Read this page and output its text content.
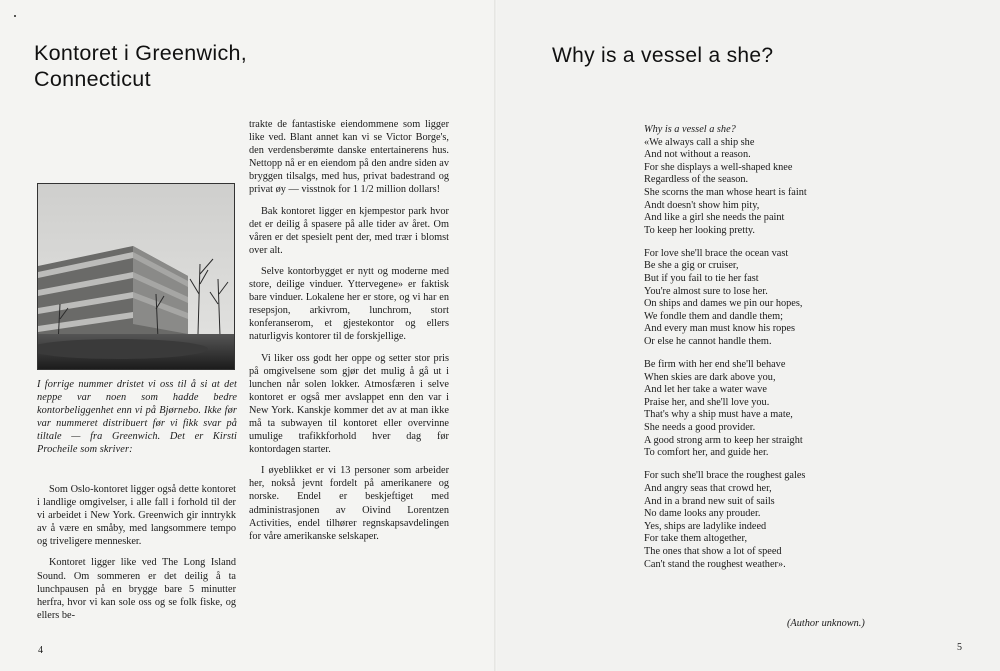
Kontoret i Greenwich,
Connecticut
I forrige nummer dristet vi oss til å si at det neppe var noen som hadde bedre kontorbeliggenhet enn vi på Bjørnebo. Ikke før var nummeret distribuert før vi fikk svar på tiltale — fra Greenwich. Det er Kirsti Procheile som skriver:

Som Oslo-kontoret ligger også dette kontoret i landlige omgivelser, i alle fall i forhold til der vi arbeidet i New York. Greenwich gir inntrykk av å være en småby, med langsommere tempo og triveligere mennesker.

Kontoret ligger like ved The Long Island Sound. Om sommeren er det deilig å ta lunchpausen på en brygge bare 5 minutter herfra, hvor vi kan sole oss og se folk fiske, og ellers be-

trakte de fantastiske eiendommene som ligger like ved. Blant annet kan vi se Victor Borge's, den verdensberømte danske entertainerens hus. Nettopp nå er en eiendom på den andre siden av bryggen tilsalgs, med hus, privat badestrand og privat øy — visstnok for 1 1/2 million dollars!

Bak kontoret ligger en kjempestor park hvor det er deilig å spasere på alle tider av året. Om våren er det spesielt pent der, med trær i blomst over alt.

Selve kontorbygget er nytt og moderne med store, deilige vinduer. Yttervegene» er faktisk bare vinduer. Lokalene her er store, og vi har en resepsjon, arkivrom, lunchrom, stort konferanserom, et gjestekontor og ellers naturligvis kontorer til de forskjellige.

Vi liker oss godt her oppe og setter stor pris på omgivelsene som gjør det mulig å gå ut i lunchen når solen lokker. Atmosfæren i selve kontoret er også mer avslappet enn den var i New York. Kanskje kommer det av at man ikke må ta subwayen til kontoret eller overvinne umulige trafikkforhold hver dag før kontordagen starter.

I øyeblikket er vi 13 personer som arbeider her, nokså jevnt fordelt på amerikanere og norske. Endel er beskjeftiget med administrasjonen av Oivind Lorentzen Activities, endel tilhører regnskapsavdelingen for våre amerikanske selskaper.

4
Why is a vessel a she?
Why is a vessel a she?
«We always call a ship she
And not without a reason.
For she displays a well-shaped knee
Regardless of the season.
She scorns the man whose heart is faint
Andt doesn't show him pity,
And like a girl she needs the paint
To keep her looking pretty.
For love she'll brace the ocean vast
Be she a gig or cruiser,
But if you fail to tie her fast
You're almost sure to lose her.
On ships and dames we pin our hopes,
We fondle them and dandle them;
And every man must know his ropes
Or else he cannot handle them.
Be firm with her end she'll behave
When skies are dark above you,
And let her take a water wave
Praise her, and she'll love you.
That's why a ship must have a mate,
She needs a good provider.
A good strong arm to keep her straight
To comfort her, and guide her.
For such she'll brace the roughest gales
And angry seas that crowd her,
And in a brand new suit of sails
No dame looks any prouder.
Yes, ships are ladylike indeed
For take them altogether,
The ones that show a lot of speed
Can't stand the roughest weather».
(Author unknown.)
5
